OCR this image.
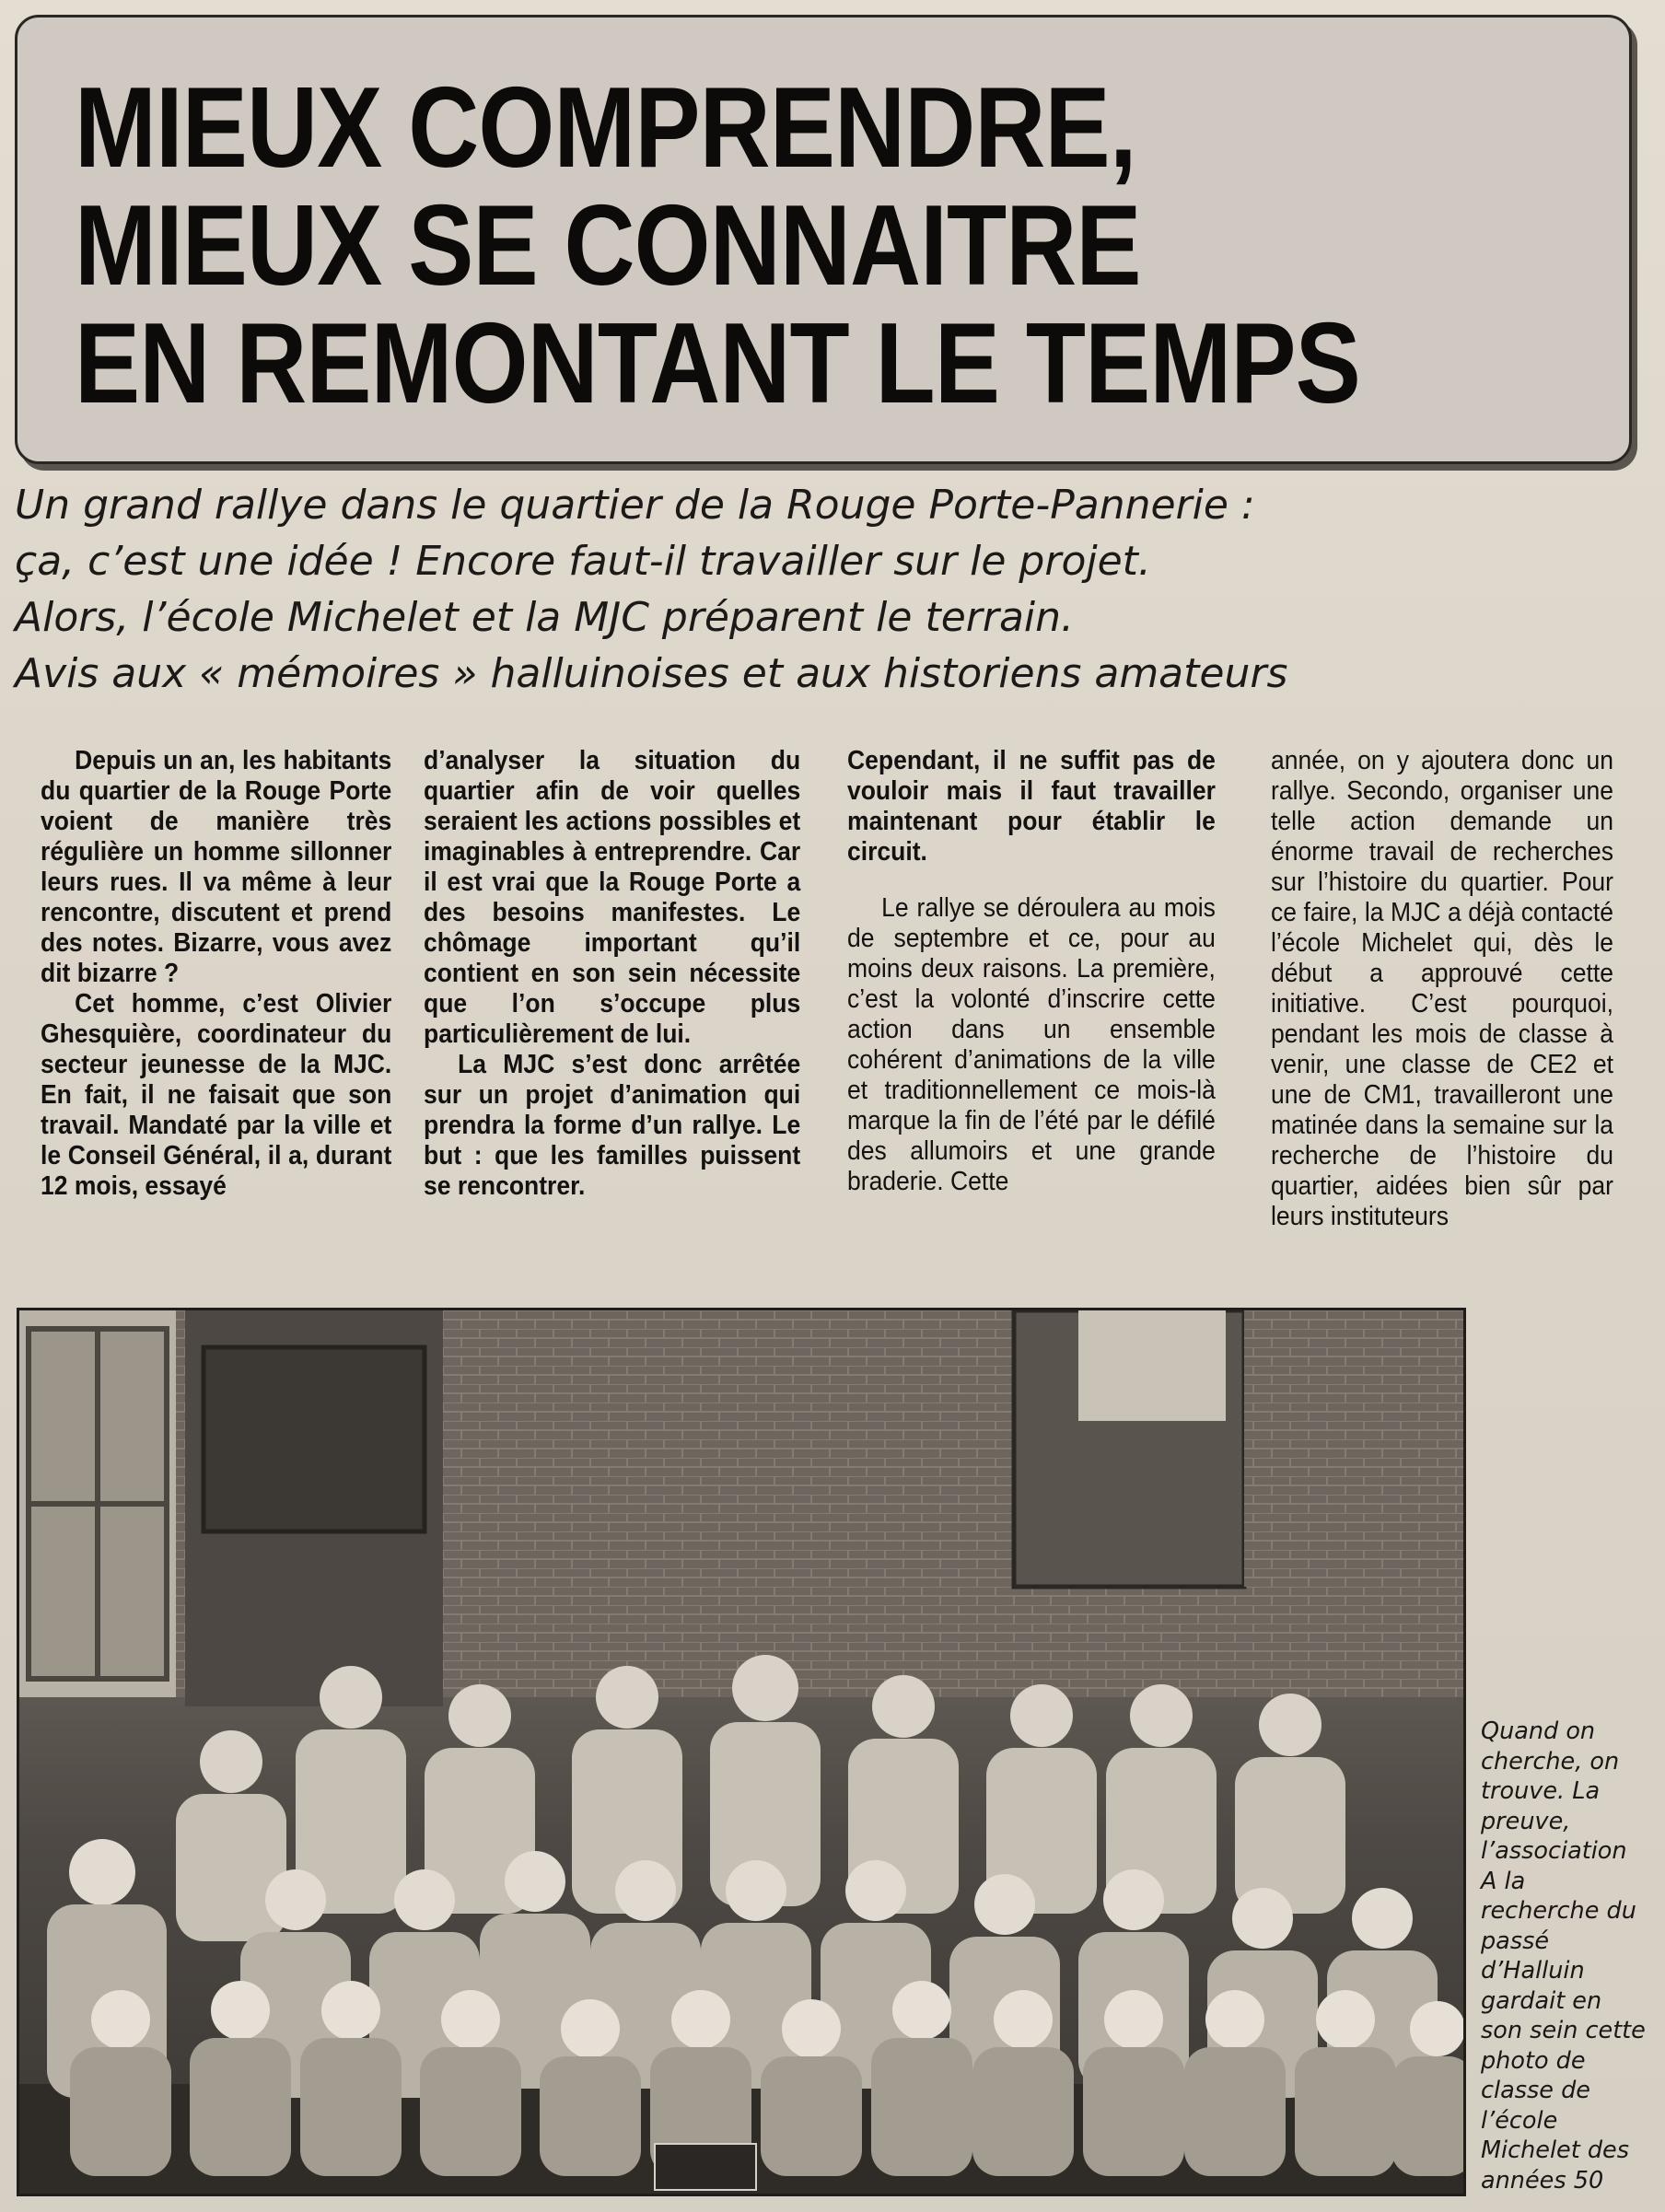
MIEUX COMPRENDRE,
MIEUX SE CONNAITRE
EN REMONTANT LE TEMPS
Un grand rallye dans le quartier de la Rouge Porte-Pannerie :
ça, c’est une idée ! Encore faut-il travailler sur le projet.
Alors, l’école Michelet et la MJC préparent le terrain.
Avis aux « mémoires » halluinoises et aux historiens amateurs

Depuis un an, les habitants du quartier de la Rouge Porte voient de manière très régulière un homme sillonner leurs rues. Il va même à leur rencontre, discutent et prend des notes. Bizarre, vous avez dit bizarre ?

Cet homme, c’est Olivier Ghesquière, coordinateur du secteur jeunesse de la MJC. En fait, il ne faisait que son travail. Mandaté par la ville et le Conseil Général, il a, durant 12 mois, essayé

d’analyser la situation du quartier afin de voir quelles seraient les actions possibles et imaginables à entreprendre. Car il est vrai que la Rouge Porte a des besoins manifestes. Le chômage important qu’il contient en son sein nécessite que l’on s’occupe plus particulièrement de lui.

La MJC s’est donc arrêtée sur un projet d’animation qui prendra la forme d’un rallye. Le but : que les familles puissent se rencontrer.

Cependant, il ne suffit pas de vouloir mais il faut travailler maintenant pour établir le circuit.

Le rallye se déroulera au mois de septembre et ce, pour au moins deux raisons. La première, c’est la volonté d’inscrire cette action dans un ensemble cohérent d’animations de la ville et traditionnellement ce mois-là marque la fin de l’été par le défilé des allumoirs et une grande braderie. Cette

année, on y ajoutera donc un rallye. Secondo, organiser une telle action demande un énorme travail de recherches sur l’histoire du quartier. Pour ce faire, la MJC a déjà contacté l’école Michelet qui, dès le début a approuvé cette initiative. C’est pourquoi, pendant les mois de classe à venir, une classe de CE2 et une de CM1, travailleront une matinée dans la semaine sur la recherche de l’histoire du quartier, aidées bien sûr par leurs instituteurs

Quand on
cherche, on
trouve. La
preuve,
l’association
A la
recherche du
passé
d’Halluin
gardait en
son sein cette
photo de
classe de
l’école
Michelet des
années 50
